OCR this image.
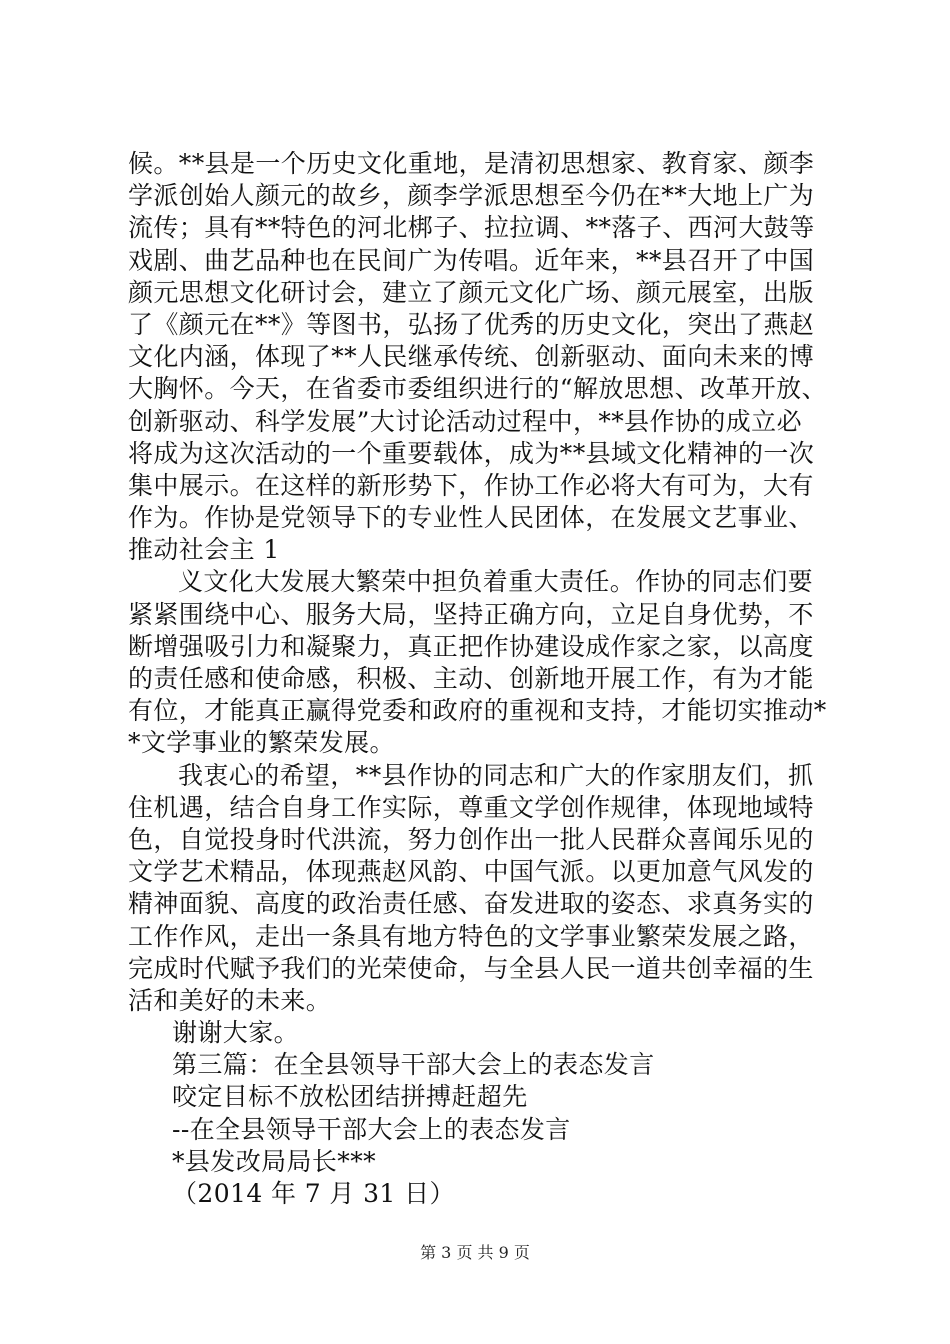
候。**县是一个历史文化重地，是清初思想家、教育家、颜李
学派创始人颜元的故乡，颜李学派思想至今仍在**大地上广为
流传；具有**特色的河北梆子、拉拉调、**落子、西河大鼓等
戏剧、曲艺品种也在民间广为传唱。近年来，**县召开了中国
颜元思想文化研讨会，建立了颜元文化广场、颜元展室，出版
了《颜元在**》等图书，弘扬了优秀的历史文化，突出了燕赵
文化内涵，体现了**人民继承传统、创新驱动、面向未来的博
大胸怀。今天，在省委市委组织进行的“解放思想、改革开放、
创新驱动、科学发展”大讨论活动过程中，**县作协的成立必
将成为这次活动的一个重要载体，成为**县域文化精神的一次
集中展示。在这样的新形势下，作协工作必将大有可为，大有
作为。作协是党领导下的专业性人民团体，在发展文艺事业、
推动社会主 1
义文化大发展大繁荣中担负着重大责任。作协的同志们要
紧紧围绕中心、服务大局，坚持正确方向，立足自身优势，不
断增强吸引力和凝聚力，真正把作协建设成作家之家，以高度
的责任感和使命感，积极、主动、创新地开展工作，有为才能
有位，才能真正赢得党委和政府的重视和支持，才能切实推动*
*文学事业的繁荣发展。
我衷心的希望，**县作协的同志和广大的作家朋友们，抓
住机遇，结合自身工作实际，尊重文学创作规律，体现地域特
色，自觉投身时代洪流，努力创作出一批人民群众喜闻乐见的
文学艺术精品，体现燕赵风韵、中国气派。以更加意气风发的
精神面貌、高度的政治责任感、奋发进取的姿态、求真务实的
工作作风，走出一条具有地方特色的文学事业繁荣发展之路，
完成时代赋予我们的光荣使命，与全县人民一道共创幸福的生
活和美好的未来。
谢谢大家。
第三篇：在全县领导干部大会上的表态发言
咬定目标不放松团结拼搏赶超先
--在全县领导干部大会上的表态发言
*县发改局局长***
（2014 年 7 月 31 日）
第 3 页 共 9 页
